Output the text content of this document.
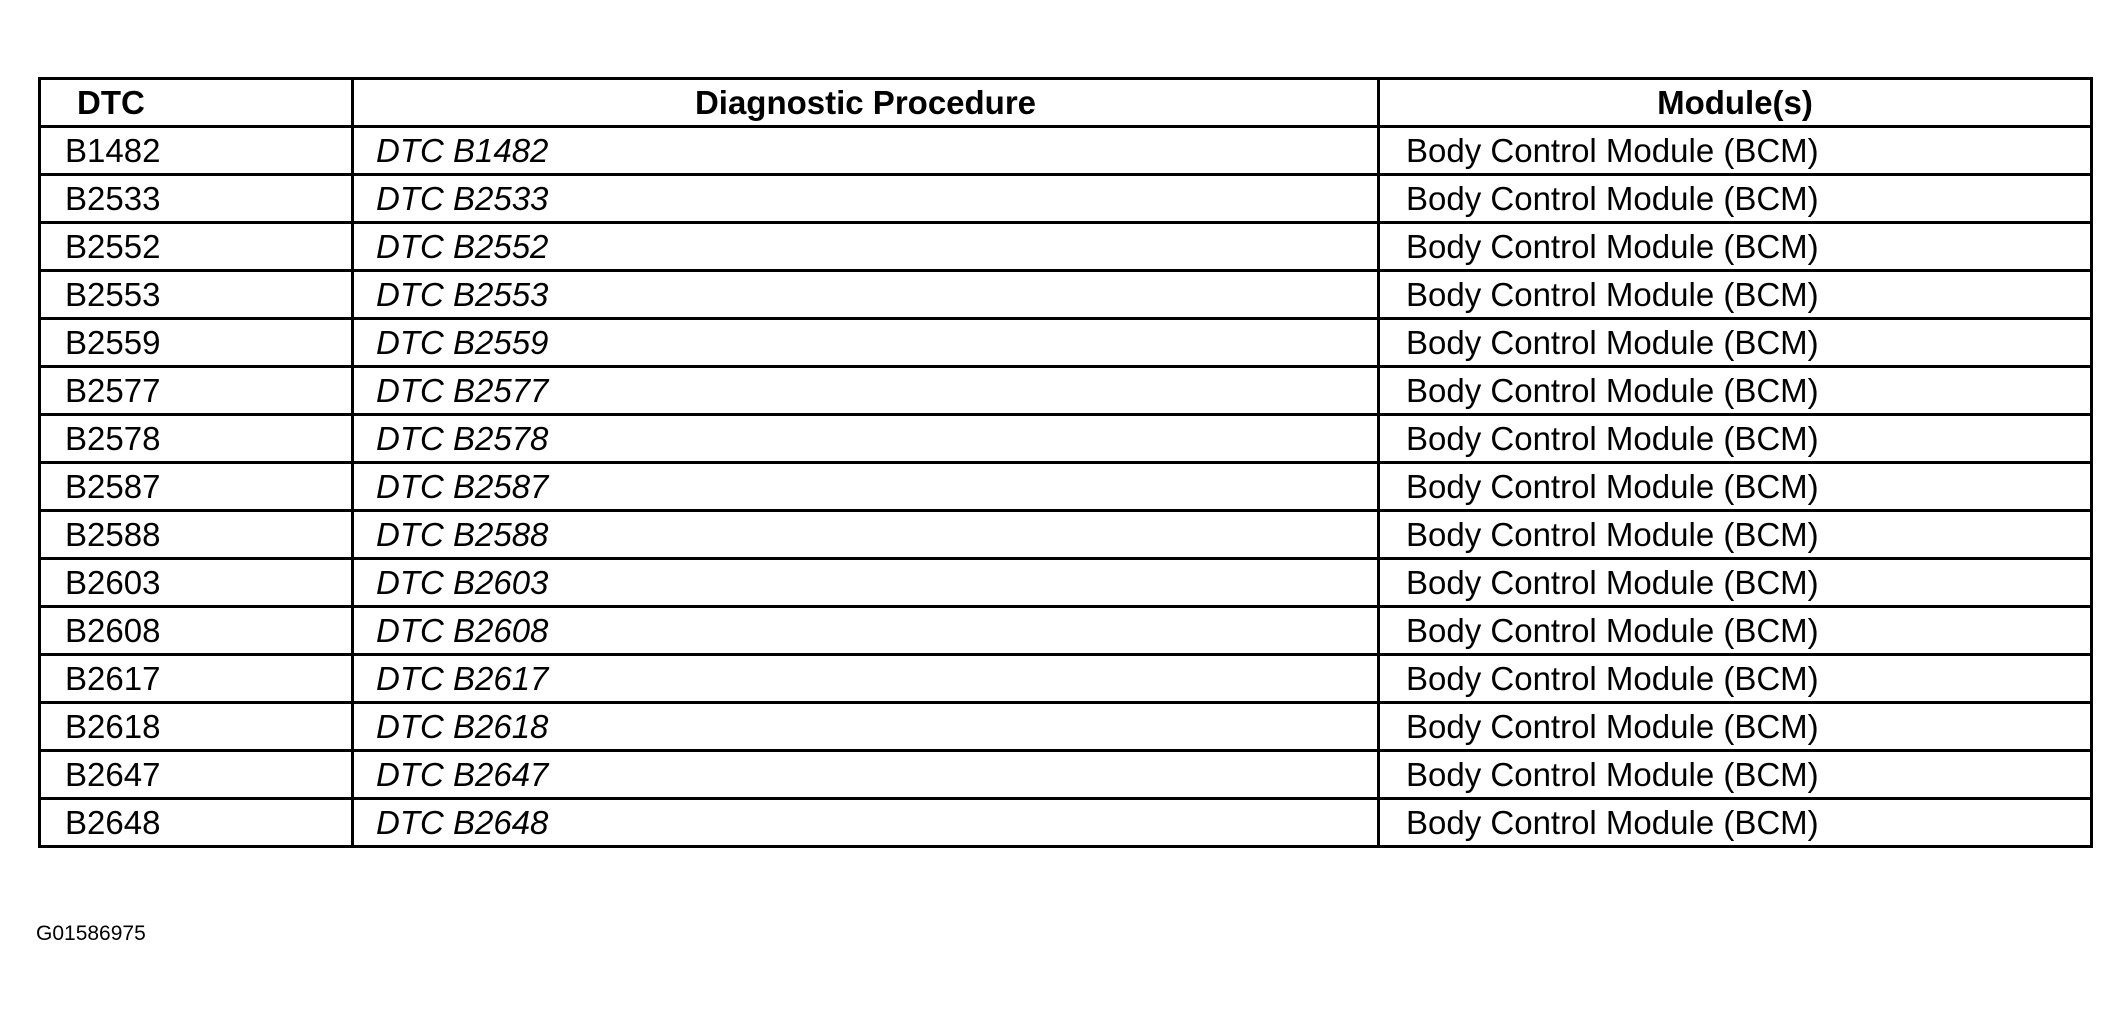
DTC	Diagnostic Procedure	Module(s)
B1482	DTC B1482	Body Control Module (BCM)
B2533	DTC B2533	Body Control Module (BCM)
B2552	DTC B2552	Body Control Module (BCM)
B2553	DTC B2553	Body Control Module (BCM)
B2559	DTC B2559	Body Control Module (BCM)
B2577	DTC B2577	Body Control Module (BCM)
B2578	DTC B2578	Body Control Module (BCM)
B2587	DTC B2587	Body Control Module (BCM)
B2588	DTC B2588	Body Control Module (BCM)
B2603	DTC B2603	Body Control Module (BCM)
B2608	DTC B2608	Body Control Module (BCM)
B2617	DTC B2617	Body Control Module (BCM)
B2618	DTC B2618	Body Control Module (BCM)
B2647	DTC B2647	Body Control Module (BCM)
B2648	DTC B2648	Body Control Module (BCM)
G01586975
